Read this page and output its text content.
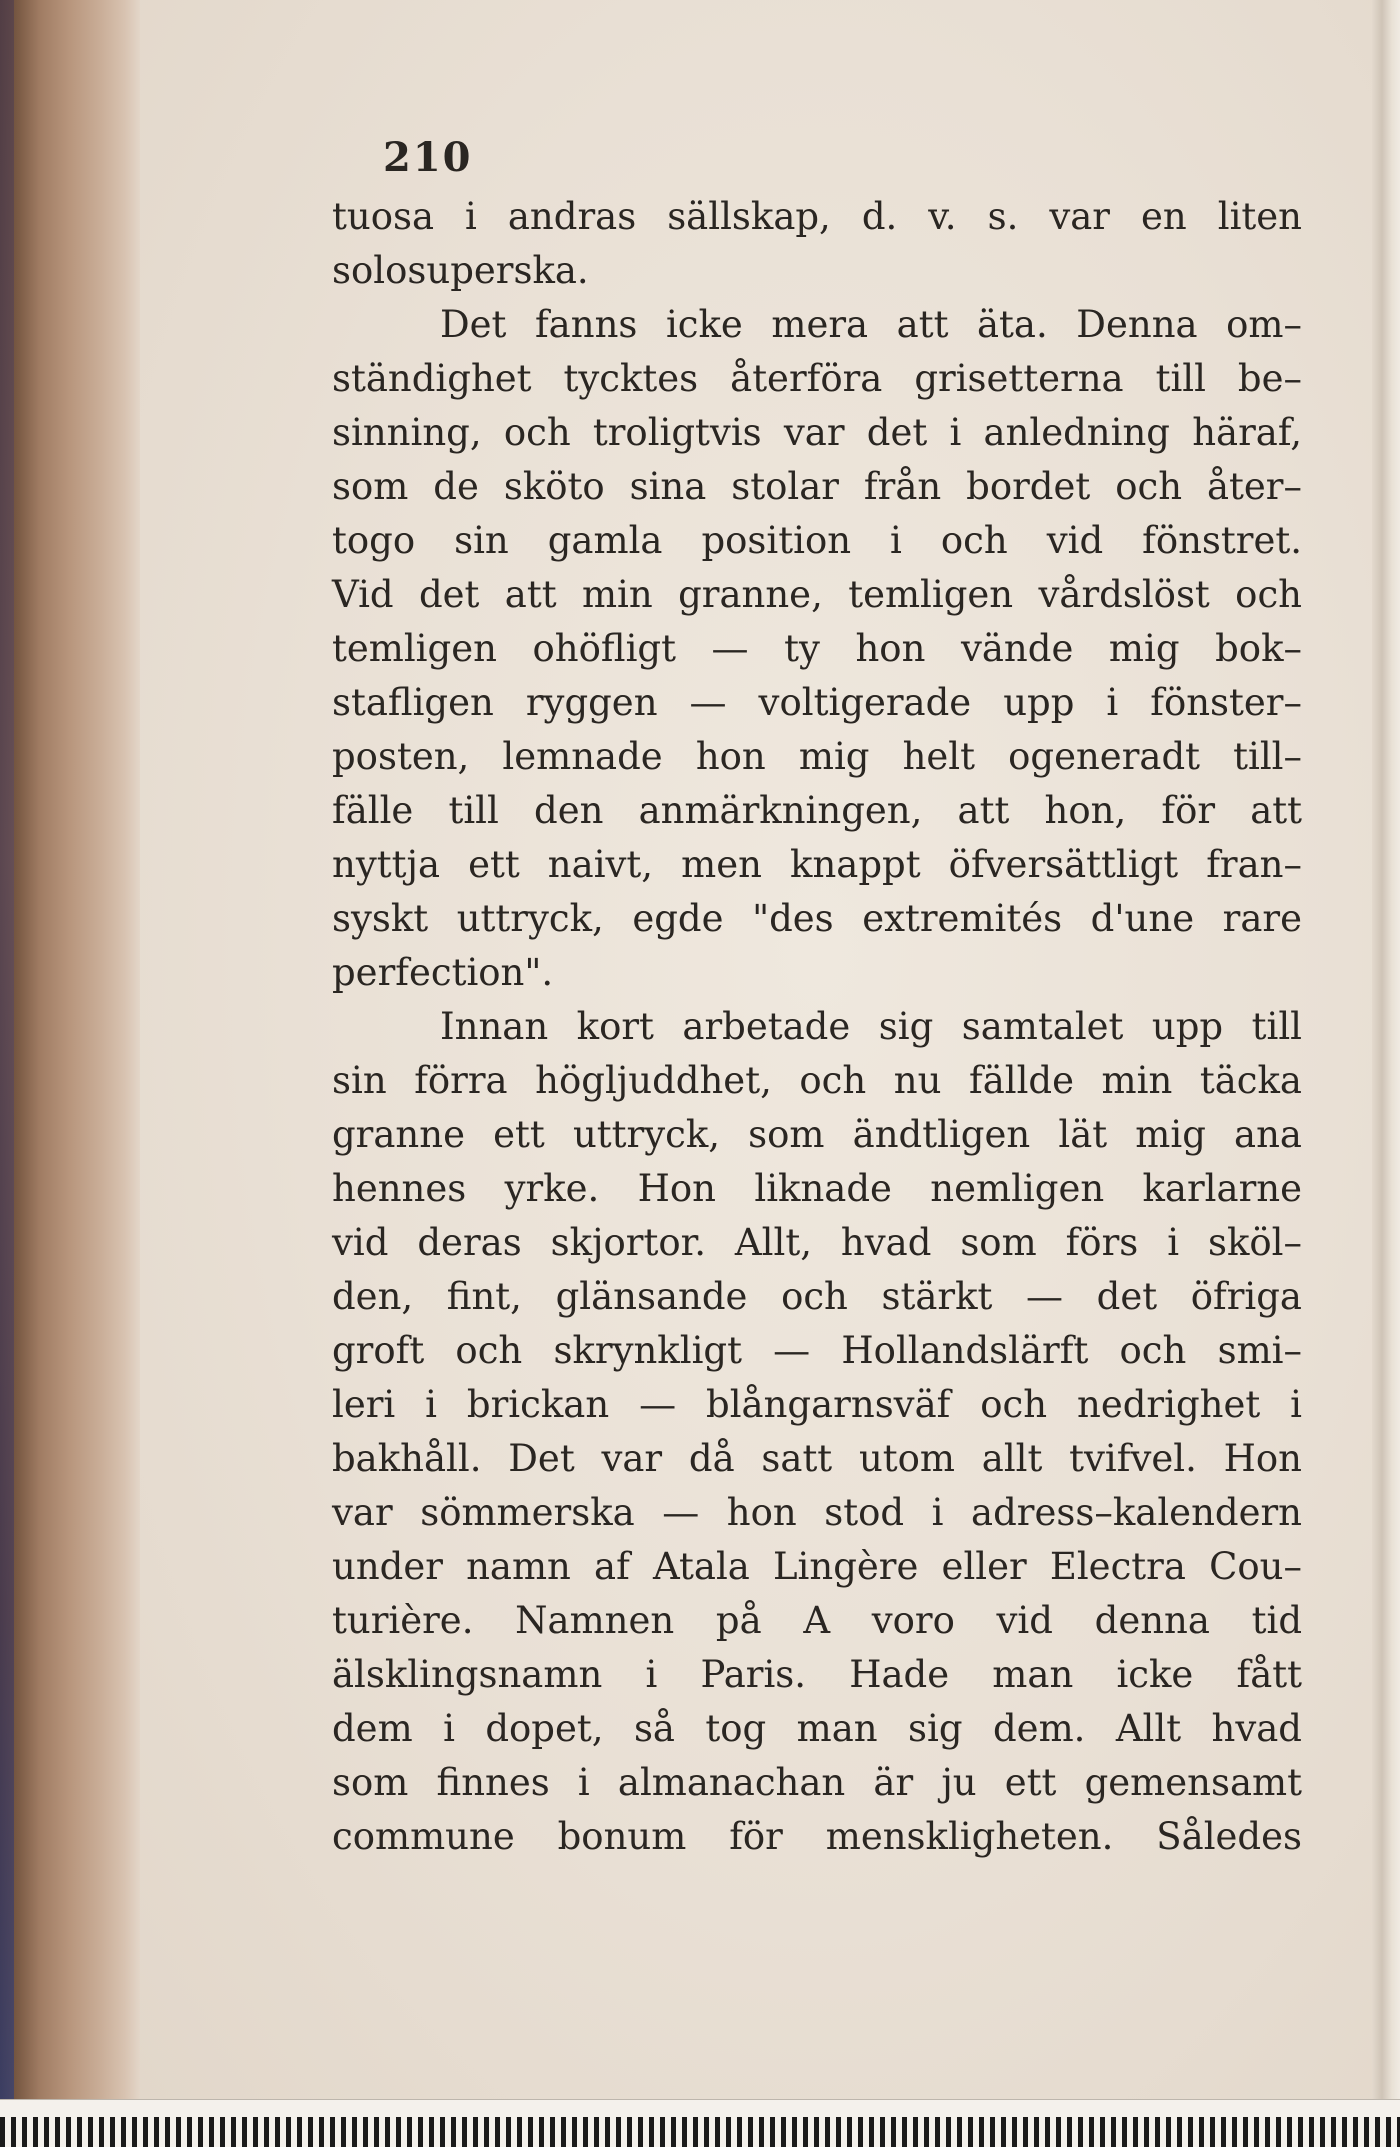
210
tuosa i andras sällskap, d. v. s. var en liten
solosuperska.
Det fanns icke mera att äta. Denna om–
ständighet tycktes återföra grisetterna till be–
sinning, och troligtvis var det i anledning häraf,
som de sköto sina stolar från bordet och åter–
togo sin gamla position i och vid fönstret.
Vid det att min granne, temligen vårdslöst och
temligen ohöfligt — ty hon vände mig bok–
stafligen ryggen — voltigerade upp i fönster–
posten, lemnade hon mig helt ogeneradt till–
fälle till den anmärkningen, att hon, för att
nyttja ett naivt, men knappt öfversättligt fran–
syskt uttryck, egde "des extremités d'une rare
perfection".
Innan kort arbetade sig samtalet upp till
sin förra högljuddhet, och nu fällde min täcka
granne ett uttryck, som ändtligen lät mig ana
hennes yrke. Hon liknade nemligen karlarne
vid deras skjortor. Allt, hvad som förs i sköl–
den, fint, glänsande och stärkt — det öfriga
groft och skrynkligt — Hollandslärft och smi–
leri i brickan — blångarnsväf och nedrighet i
bakhåll. Det var då satt utom allt tvifvel. Hon
var sömmerska — hon stod i adress–kalendern
under namn af Atala Lingère eller Electra Cou–
turière. Namnen på A voro vid denna tid
älsklingsnamn i Paris. Hade man icke fått
dem i dopet, så tog man sig dem. Allt hvad
som finnes i almanachan är ju ett gemensamt
commune bonum för menskligheten. Således
